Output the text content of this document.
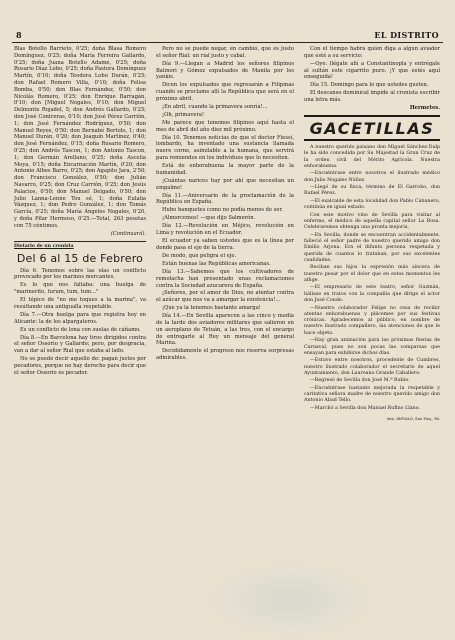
8	EL DISTRITO

Blas Botello Barrieto, 0'25; doña Blasa Romero Domínguez, 0'25; doña María Ferreira Gallardo, 0'25; doña Juana Botello Adame, 0'25; doña Rosario Díaz Lobo, 0'25; doña Pastora Domínguez Martín, 0'10; doña Teodora Lobo Durán, 0'25; don Rafael Romero Villa, 0'10; doña Felisa Bomba, 0'50; don Blas Fernández, 0'50; don Nicolás Romero, 0'25; don Enrique Barragán, 0'10; don [Miguel Nogales, 0'10; don Miguel Delmonte Rojadel, 5; don Andrés Gallardo, 0'25; don José Contreras, 0'10; don José Pérez Carrión, 1; don José Fernández Rodríguez, 0'50; don Manuel Reyes, 0'50; don Bernabé Bertolo, 1; don Manuel Durán, 0'20; don Joaquín Martínez, 0'40; don José Fernández, 0'15; doña Rosario Romero, 0'25; don Andrés Tascon, 1; don Antonio Tascon, 1; don Germán Arellano, 0'25; doña Ascelia Moya, 0'15; doña Encarnación Martín, 0'20; don Antonio Albes Barro, 0'25; don Agapito Jara, 2'50; don Francisco González, 0'50; don Julián Navarro, 0'25; don Cruz Carrión, 0'25; don Jesús Palacios, 0'50; don Manuel Delgado, 0'50; don Julio Lanna-Lenne Tou sé, 1; doña Eulalia Vázquez, 1; don Pedro González, 1; don Tomás García, 0'25; doña María Ángeles Nogales, 0'20, y doña Pilar Hermoso, 0'25.—Total, 263 pesetas con 75 céntimos.

(Continuará).
Dietario de un cronista
Del 6 al 15 de Febrero

Día 6. Tenemos sobre las olas un conflicto provocado por los marinos mercantes.

Es lo que nos faltaba: una huelga de "marinerito, turum, tum, tum..."

El tópico de "no me toques a la marina", va resultando una antigualla respetable.

Día 7.—Otra huelga para que registra hoy en Alicante: la de los alpargateros.

Es un conflicto de lona con suelas de cáñamo.

Día 8.—En Barcelona hay tiros dirigidos contra el señor Ossorio y Gallardo; pero, por desgracia, van a dar al señor Rial que estaba al lado.

No se puede decir aquello de: pagan justos por pecadores, porque no hay derecho para decir que el señor Ossorio es pecador.

Pero no se puede negar, en cambio, que es justo el señor Rial: un rial justo y cabal.

Día 9.—Llegan a Madrid los señores filipinos Balmori y Gómez expulsados de Manila por los yankis.

Dicen los expulsados que regresarán a Filipinas cuando se proclame allí la República que será en el próximo abril.

¡En abril, cuando la primavera sonría!...

¡Oh, primavera!

Me parece que tenemos filipinos aquí hasta el mes de abril del año diez mil próximo.

Día 10. Tenemos noticias de que el doctor Fiessi, lombardo, ha inventado una sustancia llamada nuere corne, asimilable a la humana, que servirá para remiendos en los individuos que lo necesiten.

Está de enhorabuena la mayor parte de la humanidad.

¡Cuántas narices hay por ahí que necesitan un empalme!

Día 11.—Aniversario de la proclamación de la República en España.

Hubo banquetes como no podía menos de ser.

¡Almorcemos! —que dijo Salmerón.

Día 12.—Revolución en Méjico, revolución en Lima y revolución en el Ecuador.

El ecuador ya saben ustedes que es la línea por donde pasa el eje de la tierra.

De modo, que peligra el eje.

Están buenas las Repúblicas americanas.

Día 13.—Sabemos que los cultivadores de remolacha han presentado unas reclamaciones contra la Sociedad azucarera de España.

¡Señores, por el amor de Dios, no atentar contra el azúcar que nos va a amargar la existencia!...

¡Que ya la tenemos bastante amarga!

Día 14.—En Sevilla aparecen a las cinco y media de la tarde dos aviadores militares que salieron en un aeroplano de Tetuán, a las tres, con el encargo de entregarle al Rey un mensaje del general Marina.

Decididamente el progreso nos reserva sorpresas admirables.

Con el tiempo habrá quien diga a algún aviador que esté a su servicio:

—Oye: llégate ahí a Constantinopla y entrégale al sultán este cigarrito puro. ¡Y que estés aquí enseguida!

Día 15. Domingo para lo que ustedes gusten.

El descanso dominical impide al cronista escribir una letra más.

Hermetes.
GACETILLAS

A nuestro querido paisano don Miguel Sánchez-Dalp le ha sido concedida por Su Majestad la Gran Cruz de la orden civil del Mérito Agrícola. Nuestra enhorabuena.

—Encuéntrase entre nosotros el ilustrado médico don Julio Nogales Núñez.

—Llegó de su finca, término de El Garrobo, don Rafael Pérez.

—El exalcalde de esta localidad don Pablo Cabanero, continúa en igual estado.

Con este motivo vino de Sevilla para visitar al enfermo, el médico de aquella capital señor La Rosa. Celebraremos obtenga una pronta mejoría.

—En Sevilla, donde se encuentran accidentalmente, falleció el señor padre de nuestro querido amigo don Emilio Arjona. Era el difunto persona respetada y querida de cuantos lo trataban, por sus excelentes cualidades.

Reciban sus hijos la expresión más sincera de nuestro pesar por el dolor que en estos momentos les aflige.

—El empresario de este teatro, señor Guzmán, hállase en tratos con la compañía que dirige el actor don José Conde.

—Nuestro colaborador Felipe no cesa de recibir atentas enhorabuenas y plácemes por sus festivas crónicas. Agradecemos al público, en nombre de nuestro ilustrado compañero, las atenciones de que le hace objeto.

—Hay gran animación para las próximas fiestas de Carnaval, pues no son pocas las comparsas que ensayan para exhibirse dichos días.

—Estuvo entre nosotros, procedente de Cumbres, nuestro ilustrado colaborador el secretario de aquel Ayuntamiento, don Laureano Grande Caballero.

—Regresó de Sevilla don José M.ª Rubio.

—Encuéntrase bastante mejorada la respetable y caritativa señora madre de nuestro querido amigo don Antonio Abad Tello.

—Marchó a Sevilla don Manuel Rufino Llano.

Imp. ANTIALO, San Eloy, 36.
